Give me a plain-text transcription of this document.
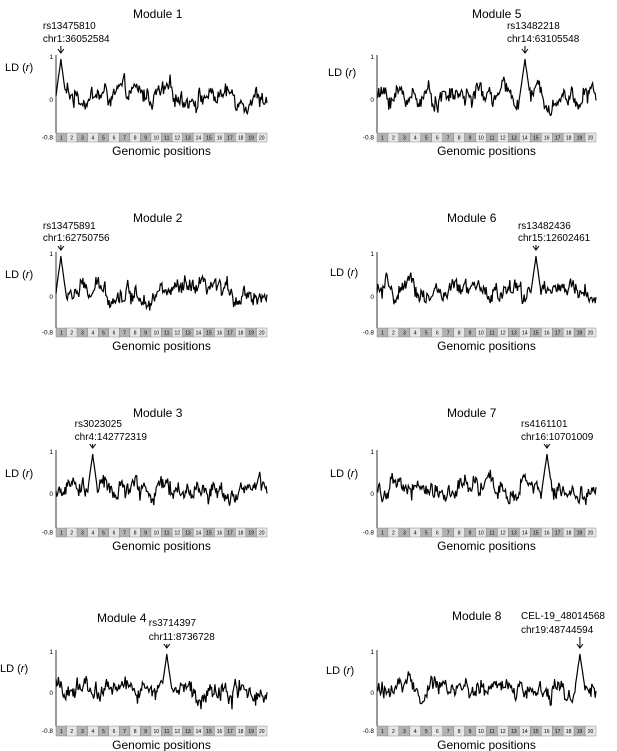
Module 1
LD (r)
1
0
-0.8 1 2 3 4 5 6 7 8 9 10 11 12 13 14 15 16 17 18 19 20
Genomic positions
rs13475810
chr1:36052584
Module 5
LD (r)
1
0
-0.8 1 2 3 4 5 6 7 8 9 10 11 12 13 14 15 16 17 18 19 20
Genomic positions
rs13482218
chr14:63105548
Module 2
LD (r)
1
0
-0.8 1 2 3 4 5 6 7 8 9 10 11 12 13 14 15 16 17 18 19 20
Genomic positions
rs13475891
chr1:62750756
Module 6
LD (r)
1
0
-0.8 1 2 3 4 5 6 7 8 9 10 11 12 13 14 15 16 17 18 19 20
Genomic positions
rs13482436
chr15:12602461
Module 3
LD (r)
1
0
-0.8 1 2 3 4 5 6 7 8 9 10 11 12 13 14 15 16 17 18 19 20
Genomic positions
rs3023025
chr4:142772319
Module 7
LD (r)
1
0
-0.8 1 2 3 4 5 6 7 8 9 10 11 12 13 14 15 16 17 18 19 20
Genomic positions
rs4161101
chr16:10701009
Module 4
LD (r)
1
0
-0.8 1 2 3 4 5 6 7 8 9 10 11 12 13 14 15 16 17 18 19 20
Genomic positions
rs3714397
chr11:8736728
Module 8
LD (r)
1
0
-0.8 1 2 3 4 5 6 7 8 9 10 11 12 13 14 15 16 17 18 19 20
Genomic positions
CEL-19_48014568
chr19:48744594
